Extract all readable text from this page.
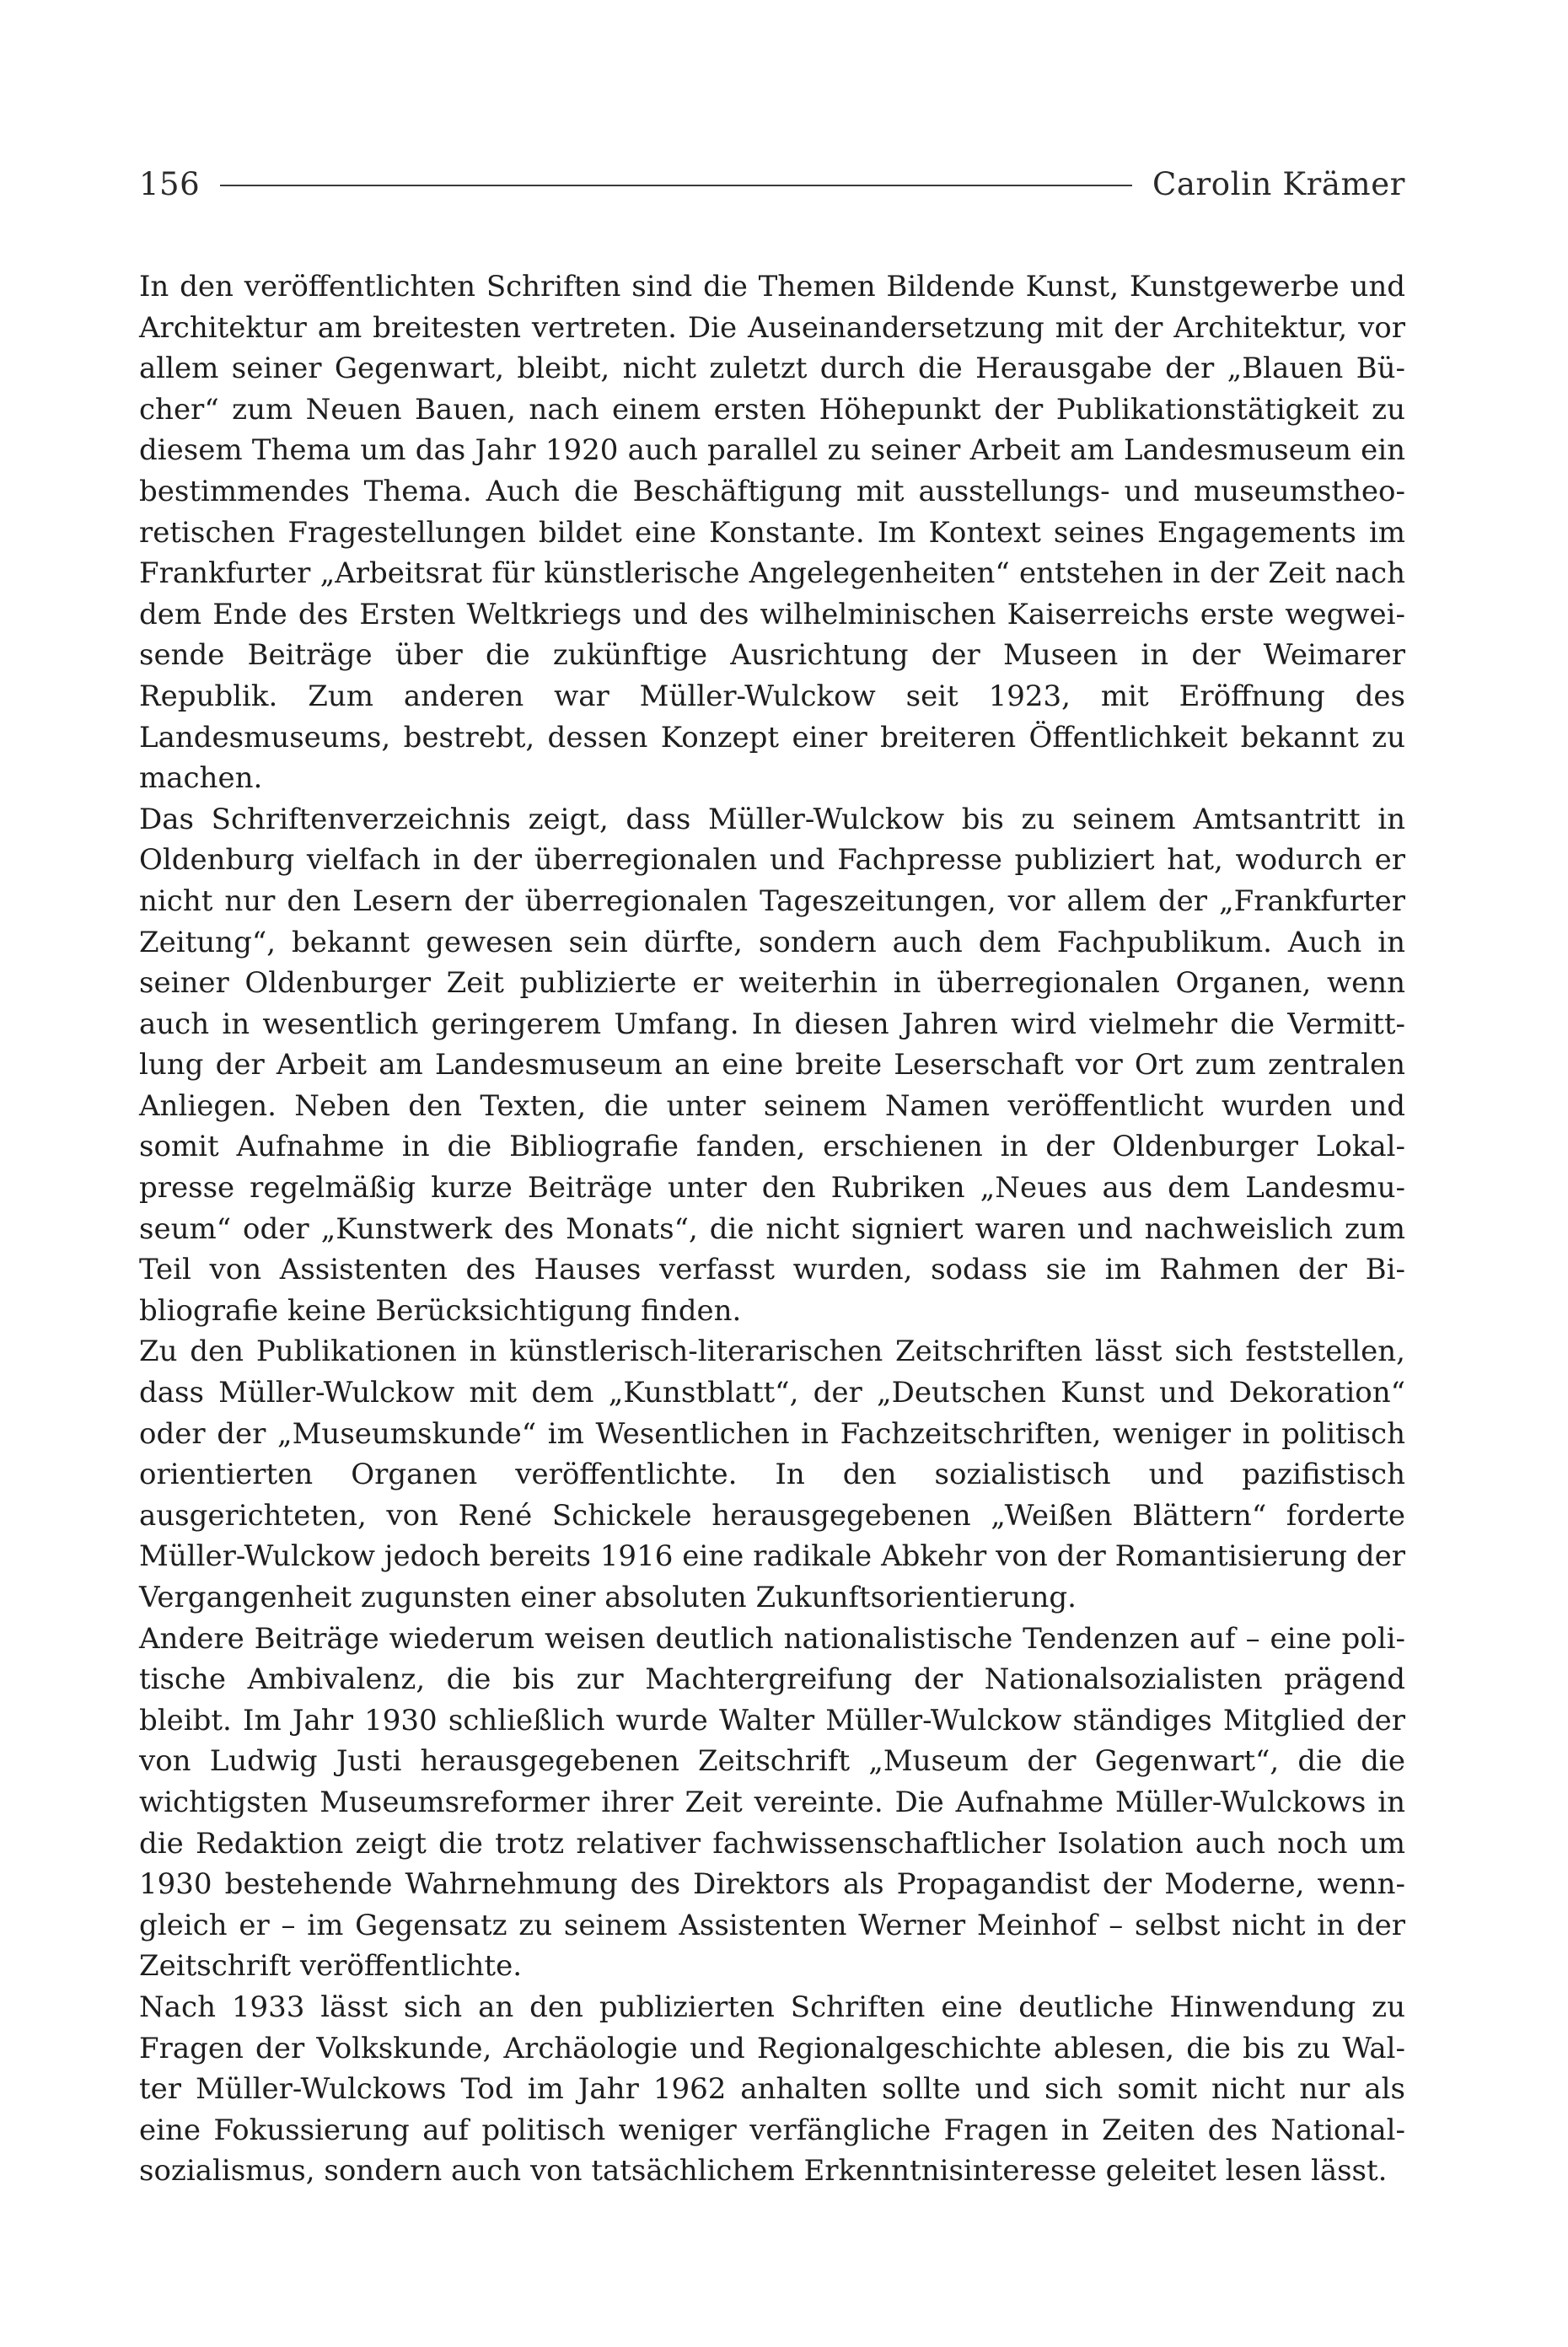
156	Carolin Krämer

In den veröffentlichten Schriften sind die Themen Bildende Kunst, Kunstgewerbe und Architektur am breitesten vertreten. Die Auseinandersetzung mit der Architektur, vor allem seiner Gegenwart, bleibt, nicht zuletzt durch die Herausgabe der „Blauen Bücher“ zum Neuen Bauen, nach einem ersten Höhepunkt der Publikationstätigkeit zu diesem Thema um das Jahr 1920 auch parallel zu seiner Arbeit am Landesmuseum ein bestimmendes Thema. Auch die Beschäftigung mit ausstellungs- und museumstheoretischen Fragestellungen bildet eine Konstante. Im Kontext seines Engagements im Frankfurter „Arbeitsrat für künstlerische Angelegenheiten“ entstehen in der Zeit nach dem Ende des Ersten Weltkriegs und des wilhelminischen Kaiserreichs erste wegweisende Beiträge über die zukünftige Ausrichtung der Museen in der Weimarer Republik. Zum anderen war Müller-Wulckow seit 1923, mit Eröffnung des Landesmuseums, bestrebt, dessen Konzept einer breiteren Öffentlichkeit bekannt zu machen.

Das Schriftenverzeichnis zeigt, dass Müller-Wulckow bis zu seinem Amtsantritt in Oldenburg vielfach in der überregionalen und Fachpresse publiziert hat, wodurch er nicht nur den Lesern der überregionalen Tageszeitungen, vor allem der „Frankfurter Zeitung“, bekannt gewesen sein dürfte, sondern auch dem Fachpublikum. Auch in seiner Oldenburger Zeit publizierte er weiterhin in überregionalen Organen, wenn auch in wesentlich geringerem Umfang. In diesen Jahren wird vielmehr die Vermittlung der Arbeit am Landesmuseum an eine breite Leserschaft vor Ort zum zentralen Anliegen. Neben den Texten, die unter seinem Namen veröffentlicht wurden und somit Aufnahme in die Bibliografie fanden, erschienen in der Oldenburger Lokalpresse regelmäßig kurze Beiträge unter den Rubriken „Neues aus dem Landesmuseum“ oder „Kunstwerk des Monats“, die nicht signiert waren und nachweislich zum Teil von Assistenten des Hauses verfasst wurden, sodass sie im Rahmen der Bibliografie keine Berücksichtigung finden.

Zu den Publikationen in künstlerisch-literarischen Zeitschriften lässt sich feststellen, dass Müller-Wulckow mit dem „Kunstblatt“, der „Deutschen Kunst und Dekoration“ oder der „Museumskunde“ im Wesentlichen in Fachzeitschriften, weniger in politisch orientierten Organen veröffentlichte. In den sozialistisch und pazifistisch ausgerichteten, von René Schickele herausgegebenen „Weißen Blättern“ forderte Müller-Wulckow jedoch bereits 1916 eine radikale Abkehr von der Romantisierung der Vergangenheit zugunsten einer absoluten Zukunftsorientierung.

Andere Beiträge wiederum weisen deutlich nationalistische Tendenzen auf – eine politische Ambivalenz, die bis zur Machtergreifung der Nationalsozialisten prägend bleibt. Im Jahr 1930 schließlich wurde Walter Müller-Wulckow ständiges Mitglied der von Ludwig Justi herausgegebenen Zeitschrift „Museum der Gegenwart“, die die wichtigsten Museumsreformer ihrer Zeit vereinte. Die Aufnahme Müller-Wulckows in die Redaktion zeigt die trotz relativer fachwissenschaftlicher Isolation auch noch um 1930 bestehende Wahrnehmung des Direktors als Propagandist der Moderne, wenngleich er – im Gegensatz zu seinem Assistenten Werner Meinhof – selbst nicht in der Zeitschrift veröffentlichte.

Nach 1933 lässt sich an den publizierten Schriften eine deutliche Hinwendung zu Fragen der Volkskunde, Archäologie und Regionalgeschichte ablesen, die bis zu Walter Müller-Wulckows Tod im Jahr 1962 anhalten sollte und sich somit nicht nur als eine Fokussierung auf politisch weniger verfängliche Fragen in Zeiten des Nationalsozialismus, sondern auch von tatsächlichem Erkenntnisinteresse geleitet lesen lässt.
